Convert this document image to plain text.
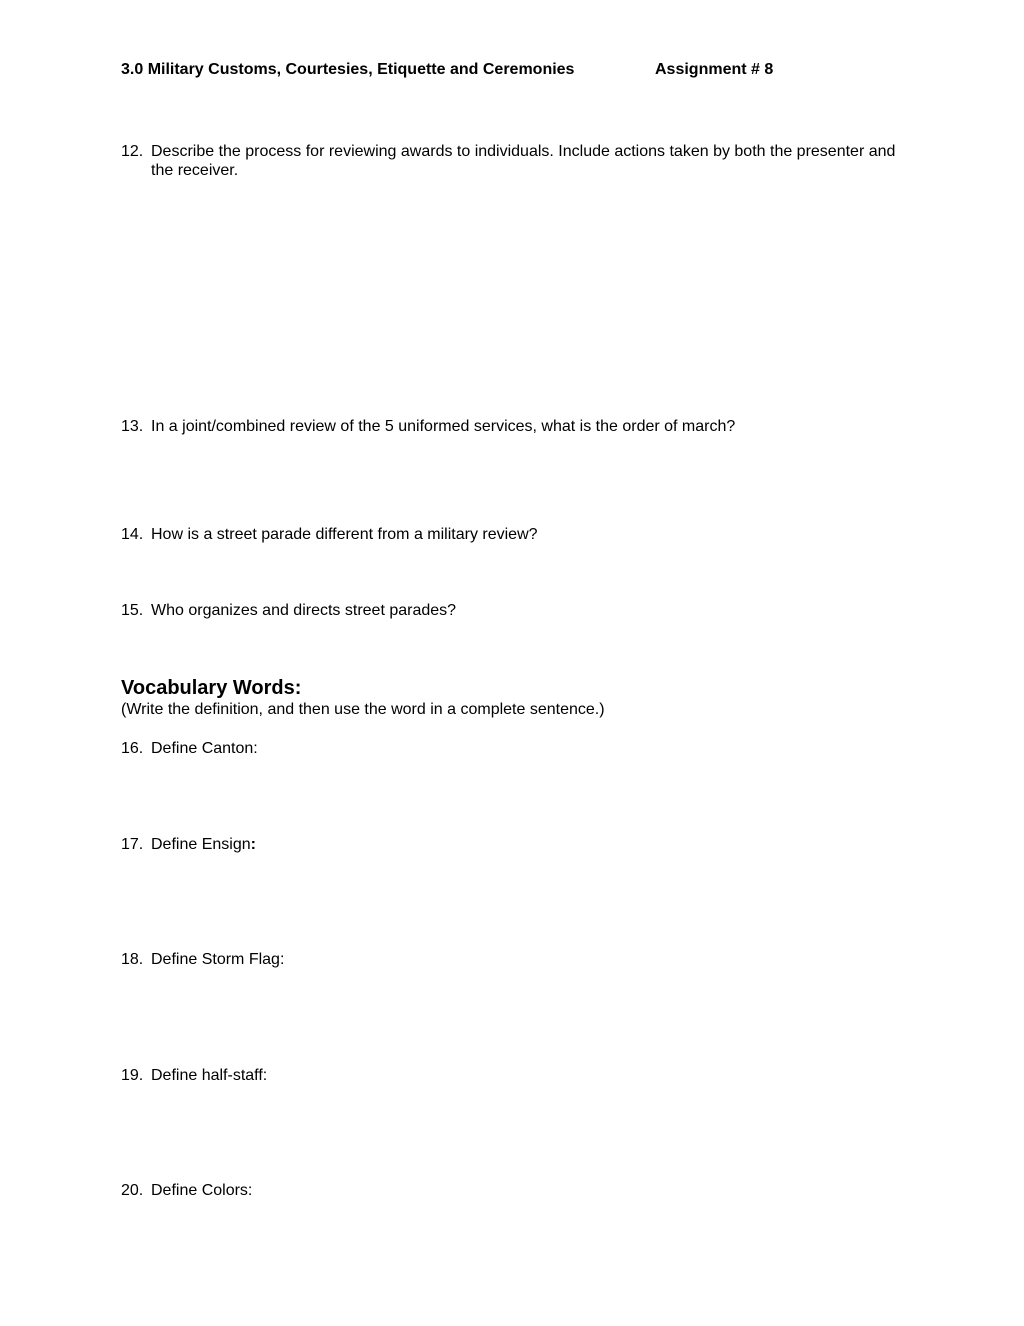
3.0 Military Customs, Courtesies, Etiquette and Ceremonies	Assignment # 8
12. Describe the process for reviewing awards to individuals. Include actions taken by both the presenter and the receiver.
13. In a joint/combined review of the 5 uniformed services, what is the order of march?
14. How is a street parade different from a military review?
15. Who organizes and directs street parades?
Vocabulary Words:
(Write the definition, and then use the word in a complete sentence.)
16. Define Canton:
17. Define Ensign:
18. Define Storm Flag:
19. Define half-staff:
20. Define Colors:
